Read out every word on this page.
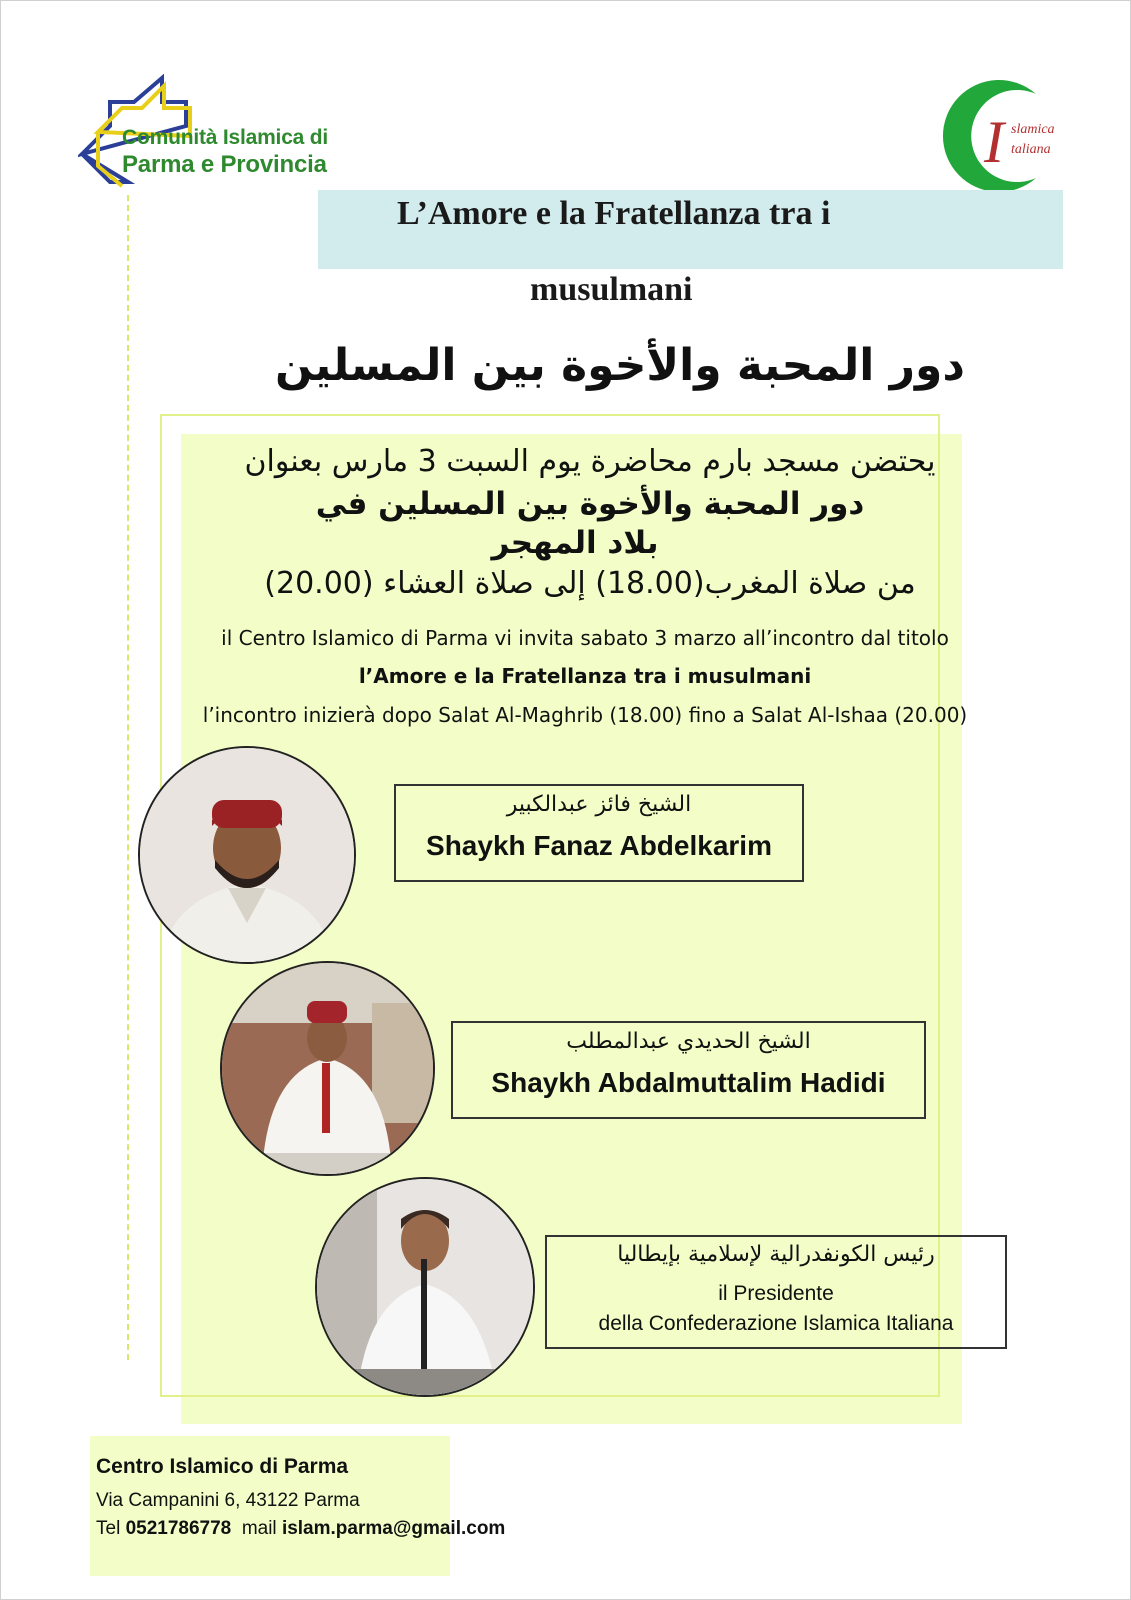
Comunità Islamica di
Parma e Provincia	I slamica
taliana
L’Amore e la Fratellanza tra i
musulmani
دور المحبة والأخوة بين المسلين
يحتضن مسجد بارم محاضرة يوم السبت 3 مارس بعنوان
دور المحبة والأخوة بين المسلين في
بلاد المهجر
من صلاة المغرب(18.00) إلى صلاة العشاء (20.00)
il Centro Islamico di Parma vi invita sabato 3 marzo all’incontro dal titolo
l’Amore e la Fratellanza tra i musulmani
l’incontro inizierà dopo Salat Al-Maghrib (18.00) fino a Salat Al-Ishaa (20.00)
الشيخ فائز عبدالكبير
Shaykh Fanaz Abdelkarim
الشيخ الحديدي عبدالمطلب
Shaykh Abdalmuttalim Hadidi
رئيس الكونفدرالية لإسلامية بإيطاليا
il Presidente
della Confederazione Islamica Italiana
Centro Islamico di Parma
Via Campanini 6, 43122 Parma
Tel 0521786778 mail islam.parma@gmail.com
